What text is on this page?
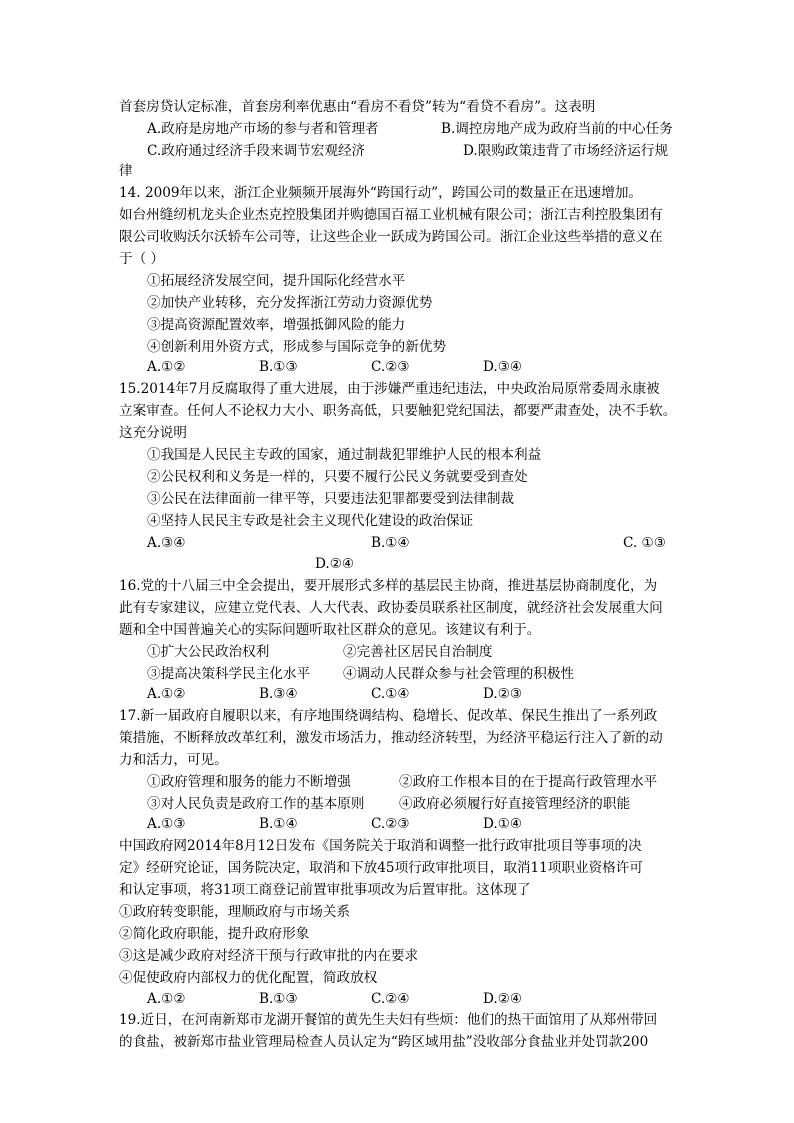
首套房贷认定标准，首套房利率优惠由“看房不看贷”转为“看贷不看房”。这表明
A.政府是房地产市场的参与者和管理者	B.调控房地产成为政府当前的中心任务
C.政府通过经济手段来调节宏观经济	D.限购政策违背了市场经济运行规
律
14. 2009年以来，浙江企业频频开展海外“跨国行动”，跨国公司的数量正在迅速增加。
如台州缝纫机龙头企业杰克控股集团并购德国百福工业机械有限公司；浙江吉利控股集团有
限公司收购沃尔沃轿车公司等，让这些企业一跃成为跨国公司。浙江企业这些举措的意义在
于（ ）
①拓展经济发展空间，提升国际化经营水平
②加快产业转移，充分发挥浙江劳动力资源优势
③提高资源配置效率，增强抵御风险的能力
④创新利用外资方式，形成参与国际竞争的新优势
A.①②	B.①③	C.②③	D.③④
15.2014年7月反腐取得了重大进展，由于涉嫌严重违纪违法，中央政治局原常委周永康被
立案审查。任何人不论权力大小、职务高低，只要触犯党纪国法，都要严肃查处，决不手软。
这充分说明
①我国是人民民主专政的国家，通过制裁犯罪维护人民的根本利益
②公民权利和义务是一样的，只要不履行公民义务就要受到查处
③公民在法律面前一律平等，只要违法犯罪都要受到法律制裁
④坚持人民民主专政是社会主义现代化建设的政治保证
A.③④	B.①④	C. ①③
D.②④
16.党的十八届三中全会提出，要开展形式多样的基层民主协商，推进基层协商制度化，为
此有专家建议，应建立党代表、人大代表、政协委员联系社区制度，就经济社会发展重大问
题和全中国普遍关心的实际问题听取社区群众的意见。该建议有利于。
①扩大公民政治权利	②完善社区居民自治制度
③提高决策科学民主化水平 ④调动人民群众参与社会管理的积极性
A.①②	B.③④	C.①④	D.②③
17.新一届政府自履职以来，有序地围绕调结构、稳增长、促改革、保民生推出了一系列政
策措施，不断释放改革红利，激发市场活力，推动经济转型，为经济平稳运行注入了新的动
力和活力，可见。
①政府管理和服务的能力不断增强	②政府工作根本目的在于提高行政管理水平
③对人民负责是政府工作的基本原则	④政府必须履行好直接管理经济的职能
A.①③	B.①④	C.②③	D.①④
中国政府网2014年8月12日发布《国务院关于取消和调整一批行政审批项目等事项的决
定》经研究论证，国务院决定，取消和下放45项行政审批项目，取消11项职业资格许可
和认定事项，将31项工商登记前置审批事项改为后置审批。这体现了
①政府转变职能，理顺政府与市场关系
②简化政府职能，提升政府形象
③这是减少政府对经济干预与行政审批的内在要求
④促使政府内部权力的优化配置，简政放权
A.①②	B.①③	C.②④	D.②④
19.近日，在河南新郑市龙湖开餐馆的黄先生夫妇有些烦：他们的热干面馆用了从郑州带回
的食盐，被新郑市盐业管理局检查人员认定为“跨区域用盐”没收部分食盐业并处罚款200
